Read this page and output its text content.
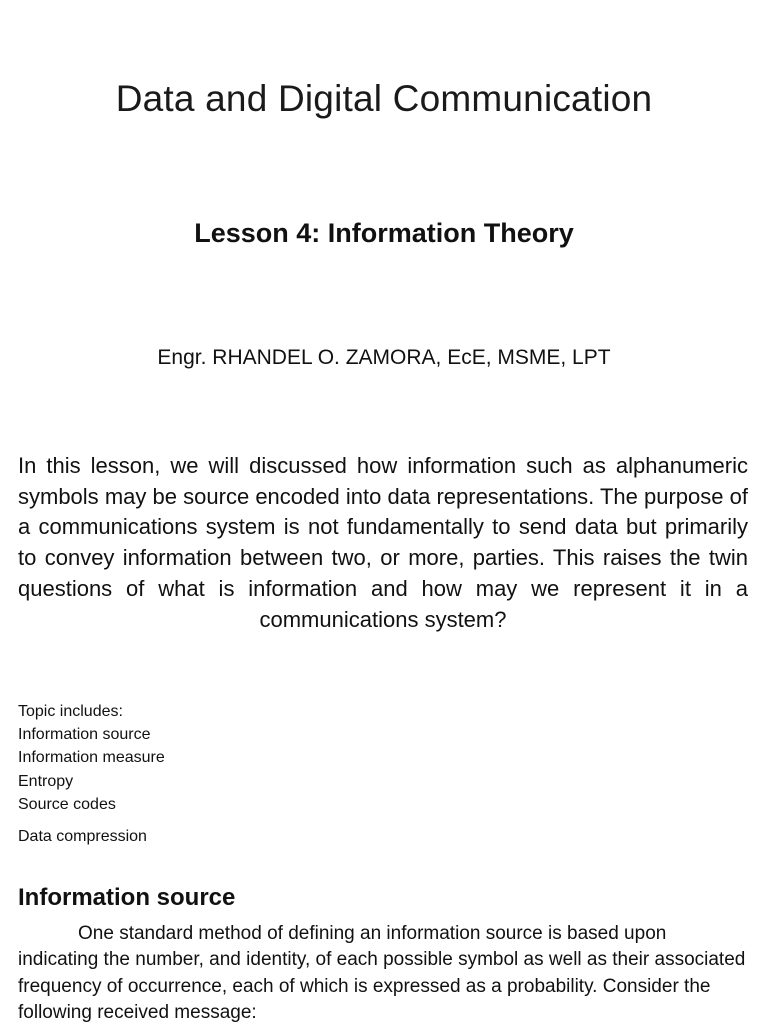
Data and Digital Communication
Lesson 4: Information Theory

Engr. RHANDEL O. ZAMORA, EcE, MSME, LPT

In this lesson, we will discussed how information such as alphanumeric symbols may be source encoded into data representations. The purpose of a communications system is not fundamentally to send data but primarily to convey information between two, or more, parties. This raises the twin questions of what is information and how may we represent it in a communications system?

Topic includes:
Information source
Information measure
Entropy
Source codes
Data compression
Information source

One standard method of defining an information source is based upon indicating the number, and identity, of each possible symbol as well as their associated frequency of occurrence, each of which is expressed as a probability. Consider the following received message:
